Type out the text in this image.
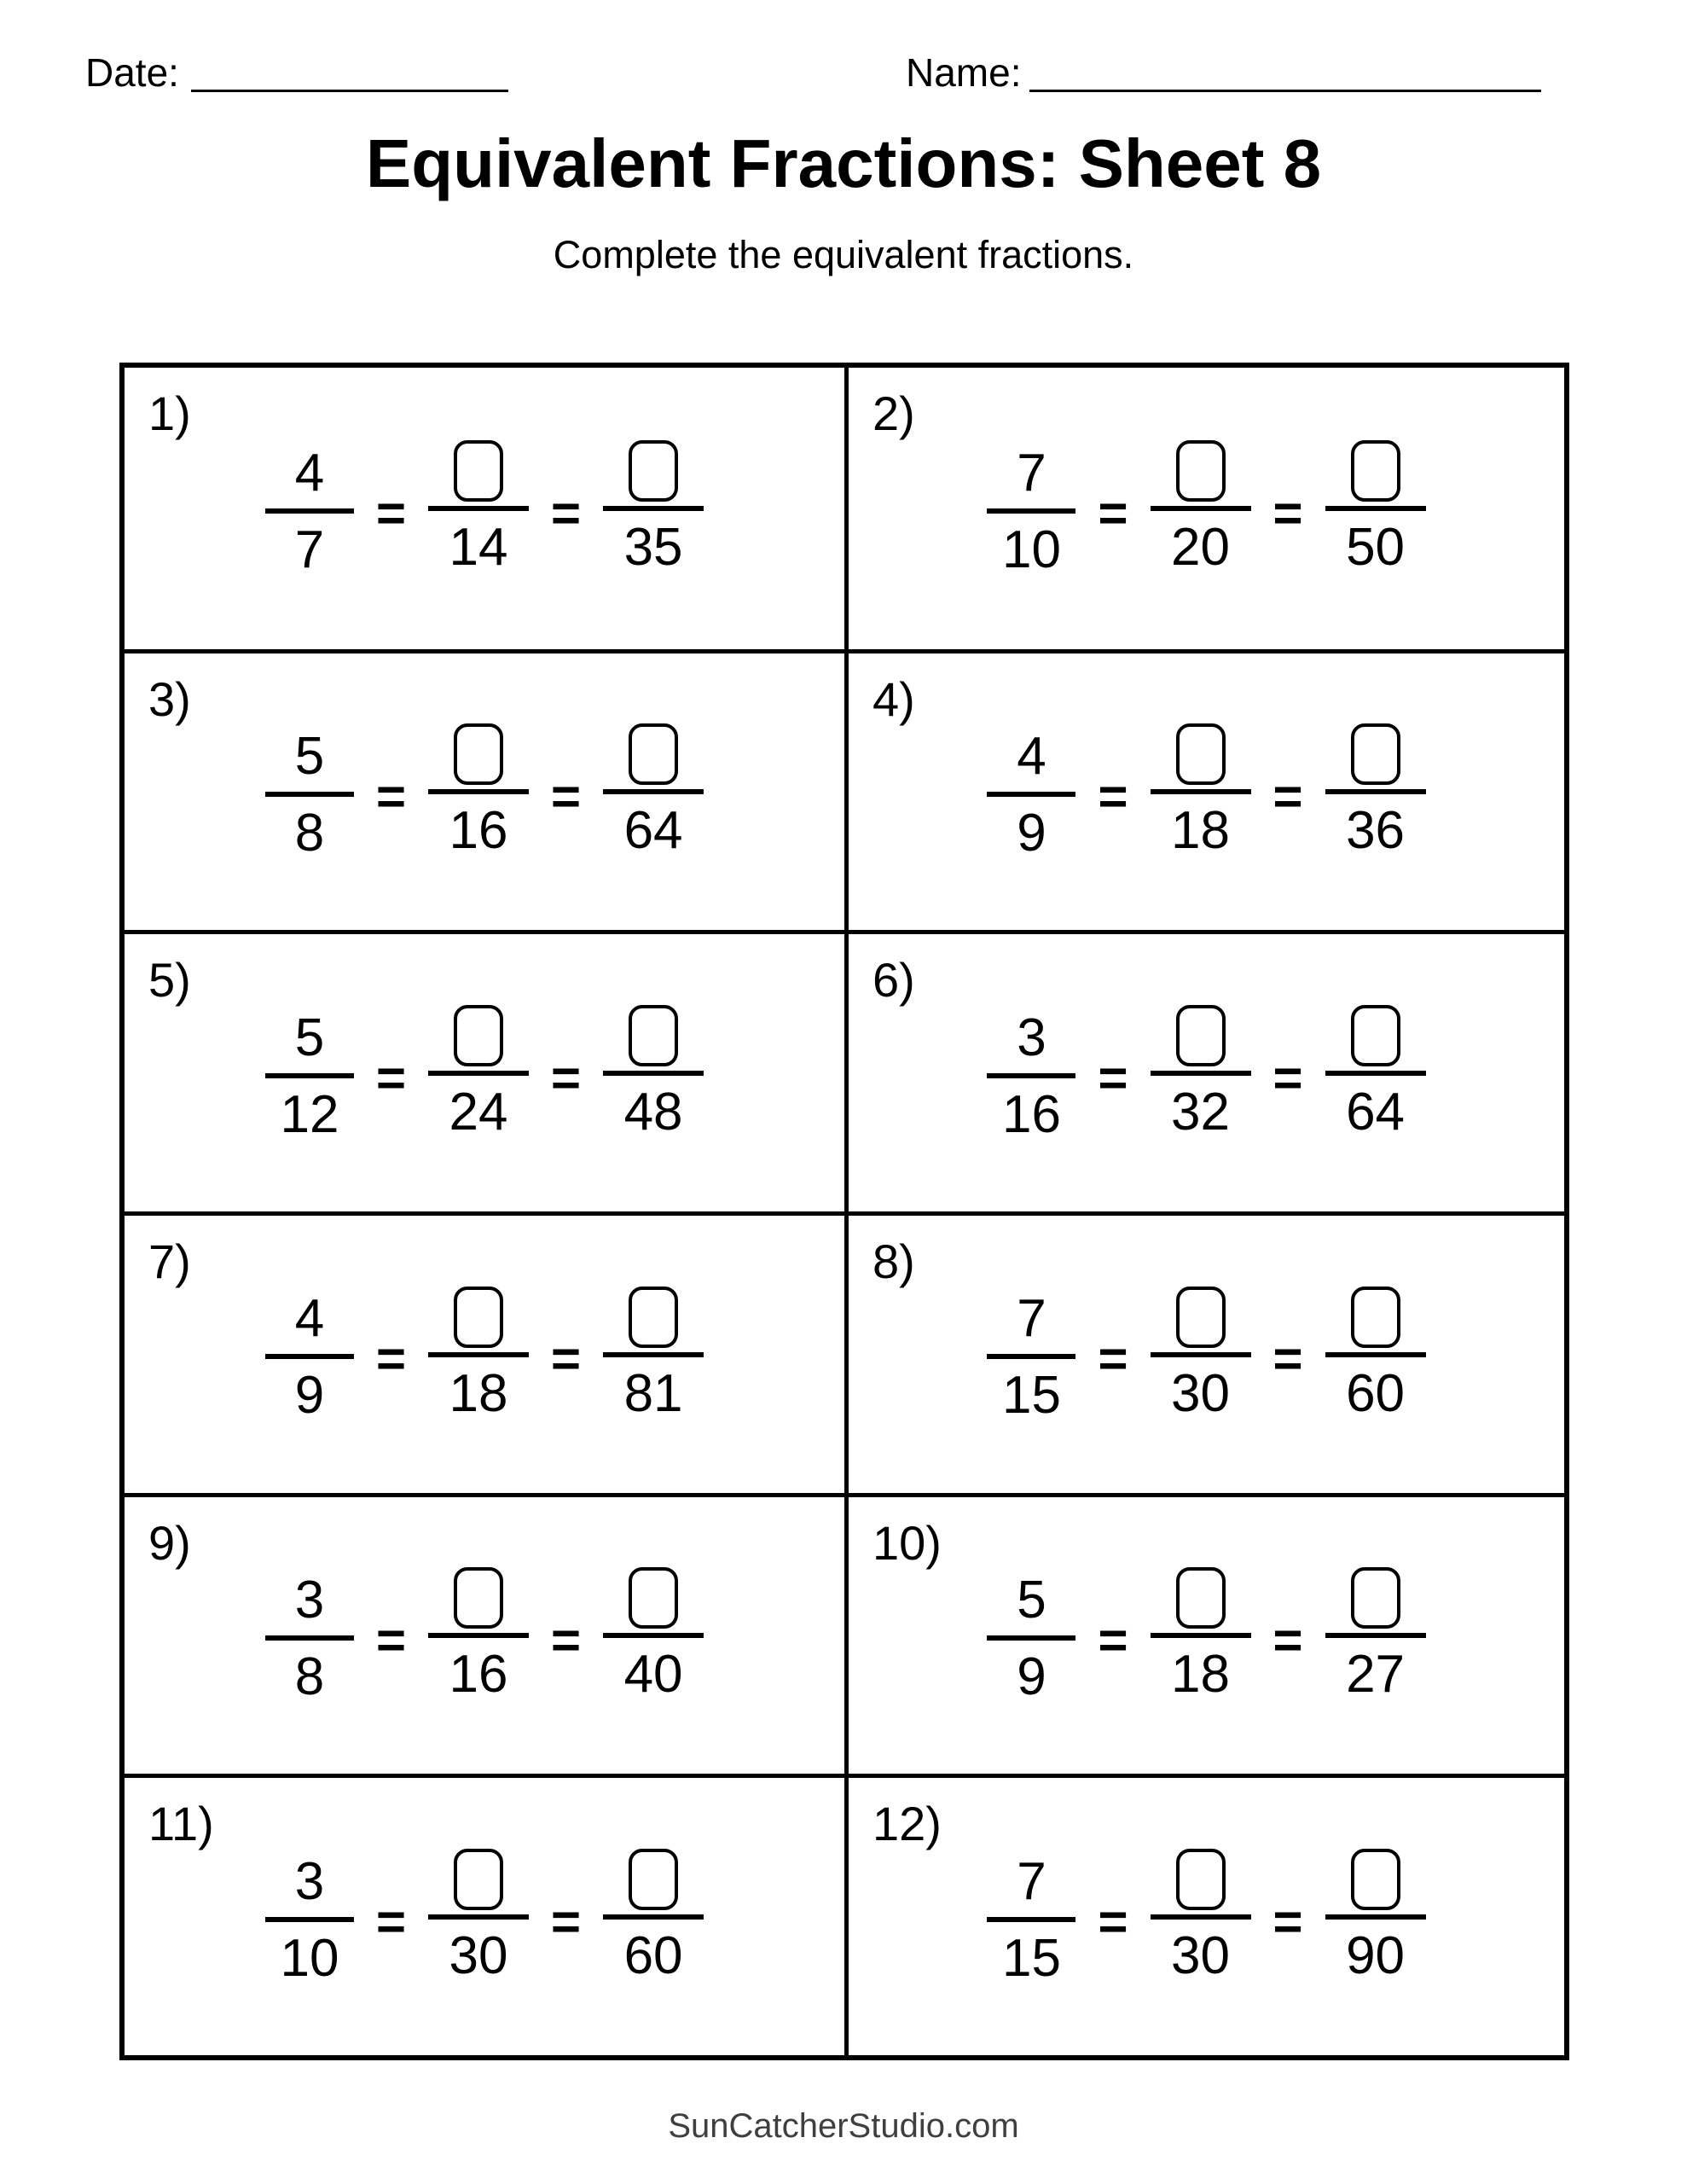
Date:	Name:
Equivalent Fractions: Sheet 8
Complete the equivalent fractions.
1)
4
7
=
14
=
35
2)
7
10
=
20
=
50
3)
5
8
=
16
=
64
4)
4
9
=
18
=
36
5)
5
12
=
24
=
48
6)
3
16
=
32
=
64
7)
4
9
=
18
=
81
8)
7
15
=
30
=
60
9)
3
8
=
16
=
40
10)
5
9
=
18
=
27
11)
3
10
=
30
=
60
12)
7
15
=
30
=
90
SunCatcherStudio.com
